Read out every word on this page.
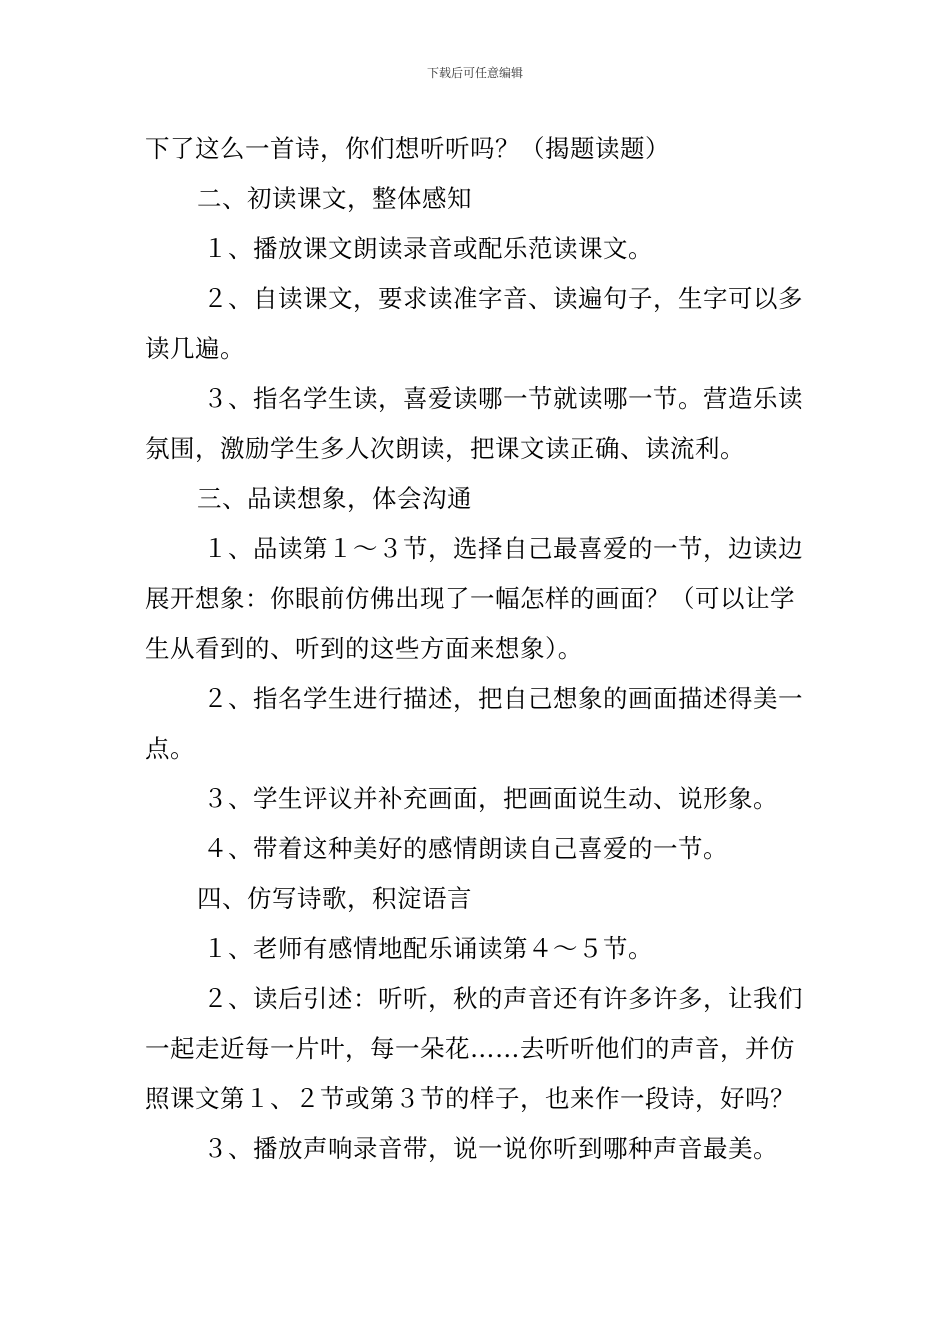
下载后可任意编辑

下了这么一首诗，你们想听听吗？（揭题读题）

二、初读课文，整体感知

１、播放课文朗读录音或配乐范读课文。

２、自读课文，要求读准字音、读遍句子，生字可以多读几遍。

３、指名学生读，喜爱读哪一节就读哪一节。营造乐读氛围，激励学生多人次朗读，把课文读正确、读流利。

三、品读想象，体会沟通

１、品读第１～３节，选择自己最喜爱的一节，边读边展开想象：你眼前仿佛出现了一幅怎样的画面？（可以让学生从看到的、听到的这些方面来想象）。

２、指名学生进行描述，把自己想象的画面描述得美一点。

３、学生评议并补充画面，把画面说生动、说形象。

４、带着这种美好的感情朗读自己喜爱的一节。

四、仿写诗歌，积淀语言

１、老师有感情地配乐诵读第４～５节。

２、读后引述：听听，秋的声音还有许多许多，让我们一起走近每一片叶，每一朵花……去听听他们的声音，并仿照课文第１、２节或第３节的样子，也来作一段诗，好吗？

３、播放声响录音带，说一说你听到哪种声音最美。
